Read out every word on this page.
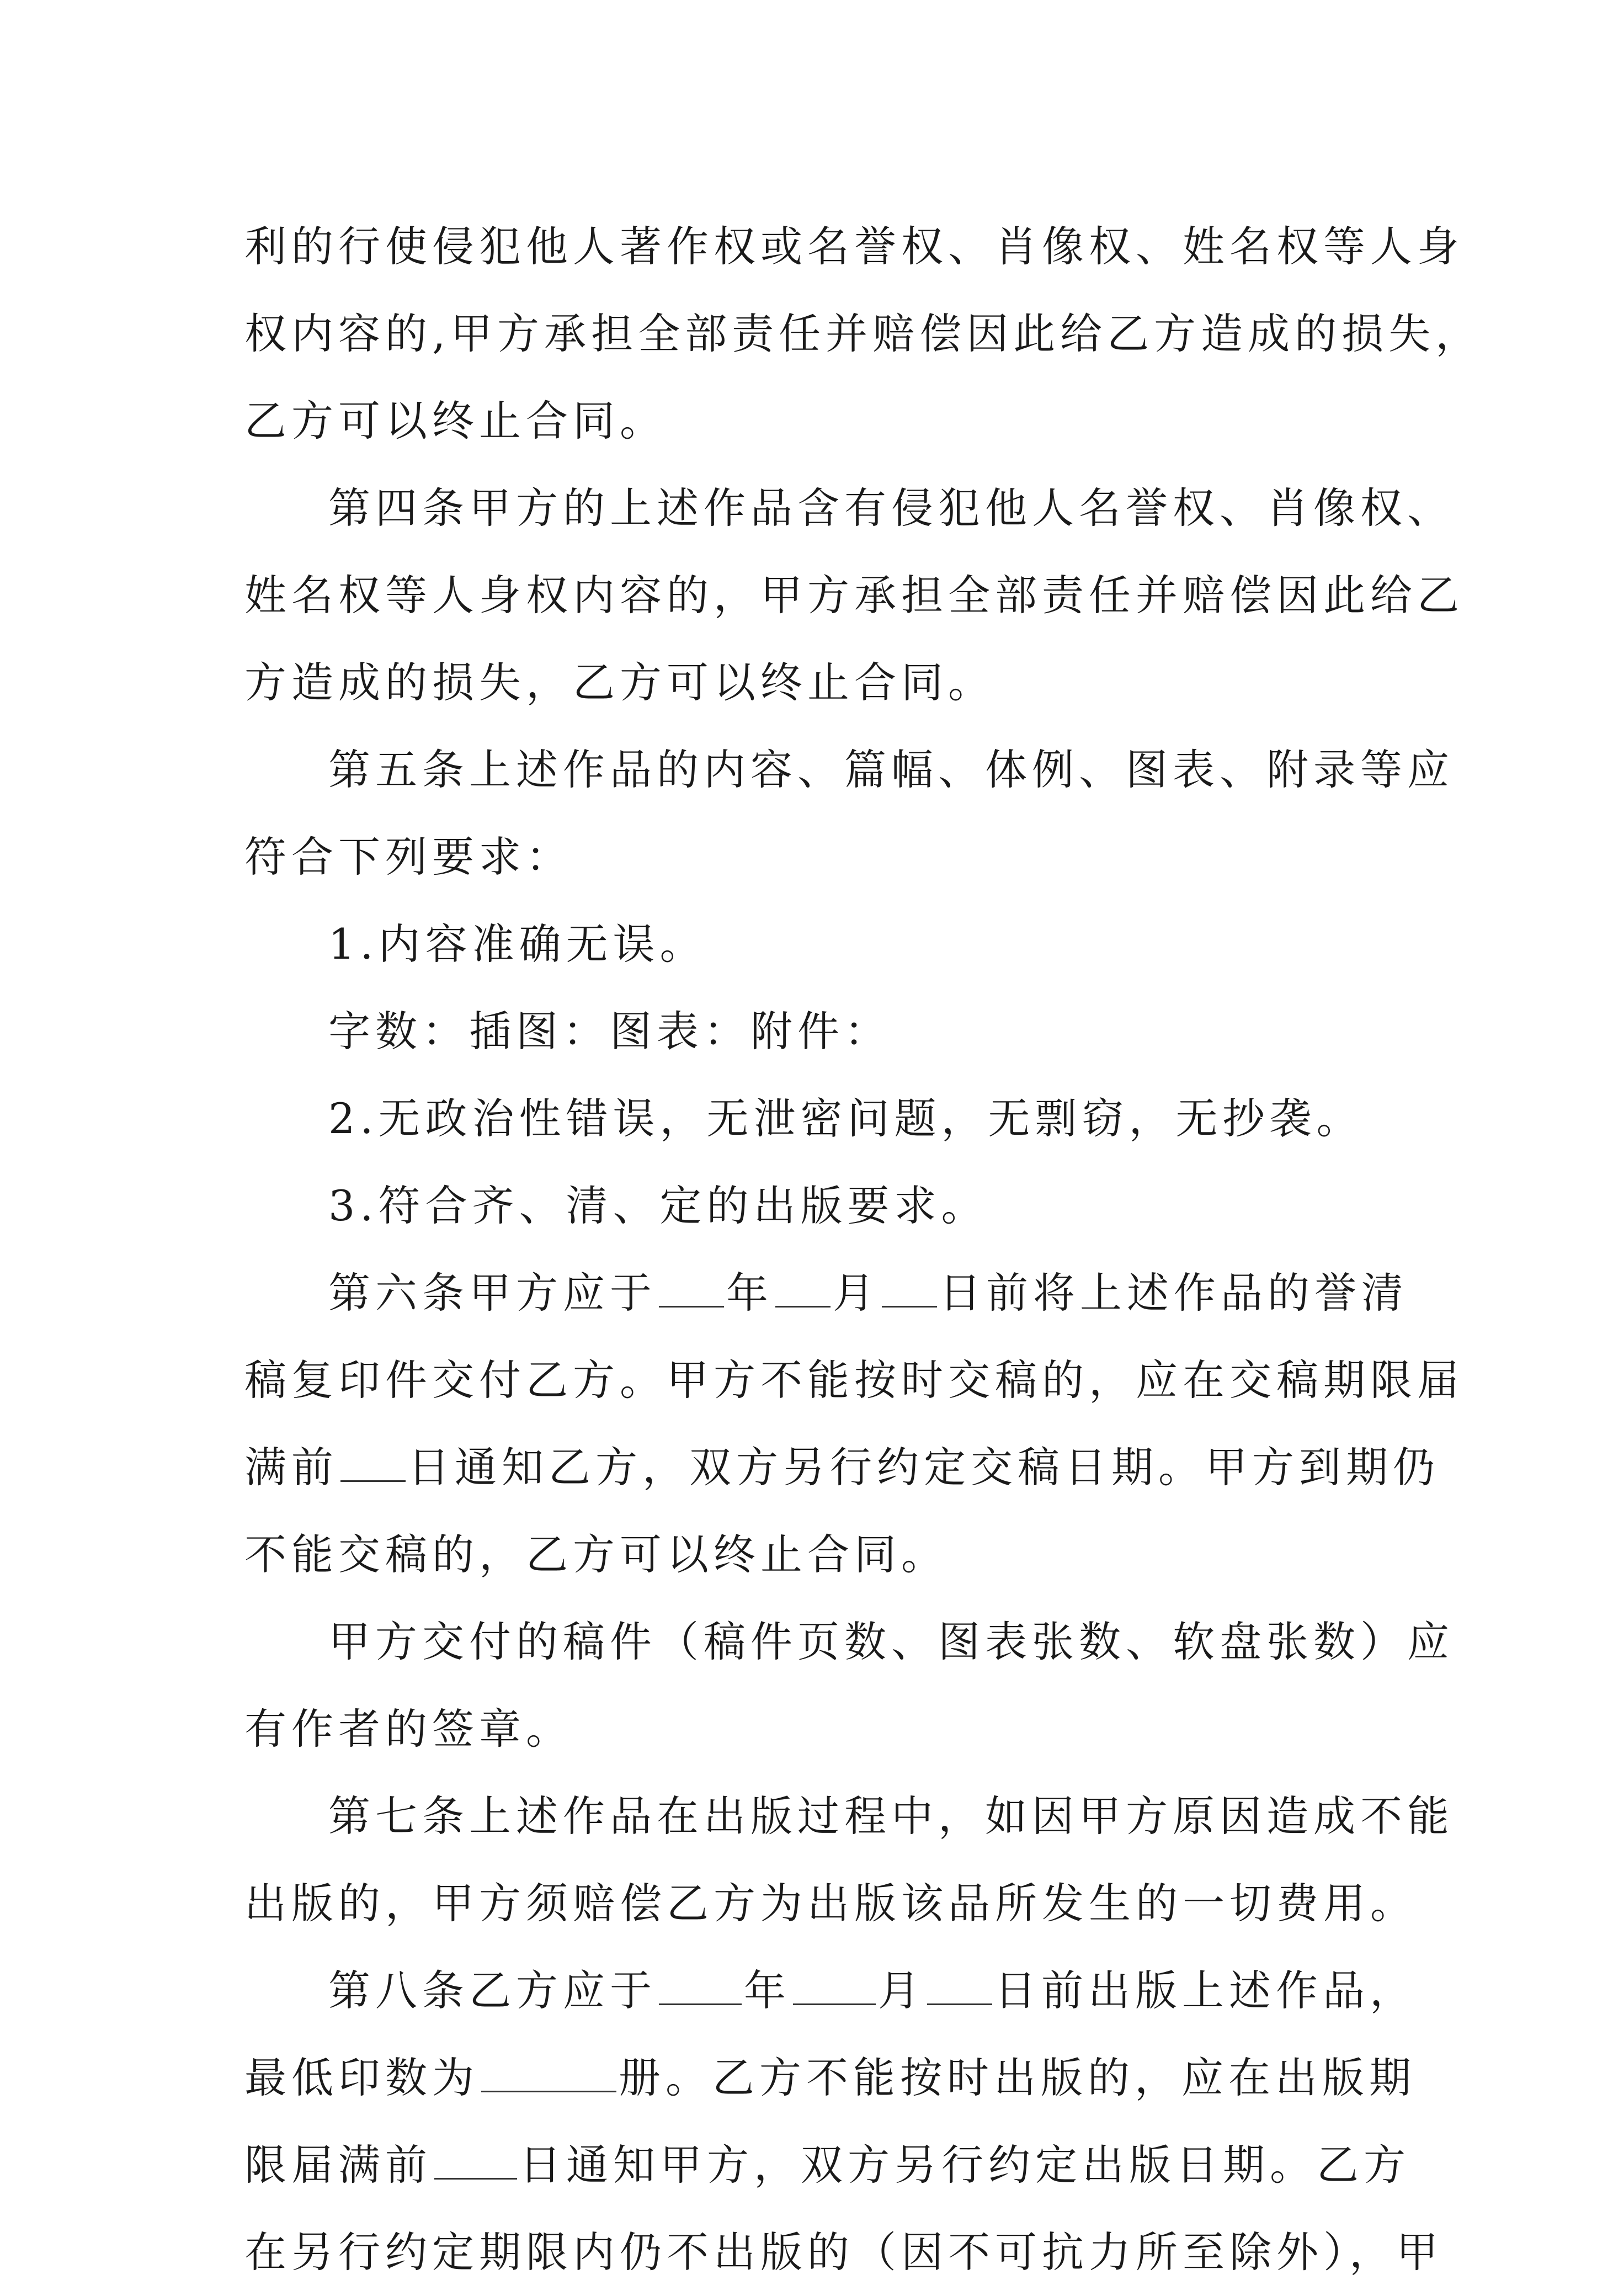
利的行使侵犯他人著作权或名誉权、肖像权、姓名权等人身
权内容的,甲方承担全部责任并赔偿因此给乙方造成的损失，
乙方可以终止合同。
第四条甲方的上述作品含有侵犯他人名誉权、肖像权、
姓名权等人身权内容的，甲方承担全部责任并赔偿因此给乙
方造成的损失，乙方可以终止合同。
第五条上述作品的内容、篇幅、体例、图表、附录等应
符合下列要求：
1.内容准确无误。
字数：插图：图表：附件：
2.无政治性错误，无泄密问题，无剽窃，无抄袭。
3.符合齐、清、定的出版要求。
第六条甲方应于 年 月 日前将上述作品的誉清
稿复印件交付乙方。甲方不能按时交稿的，应在交稿期限届
满前 日通知乙方，双方另行约定交稿日期。甲方到期仍
不能交稿的，乙方可以终止合同。
甲方交付的稿件（稿件页数、图表张数、软盘张数）应
有作者的签章。
第七条上述作品在出版过程中，如因甲方原因造成不能
出版的，甲方须赔偿乙方为出版该品所发生的一切费用。
第八条乙方应于 年 月 日前出版上述作品，
最低印数为	册。乙方不能按时出版的，应在出版期
限届满前 日通知甲方，双方另行约定出版日期。乙方
在另行约定期限内仍不出版的（因不可抗力所至除外），甲
